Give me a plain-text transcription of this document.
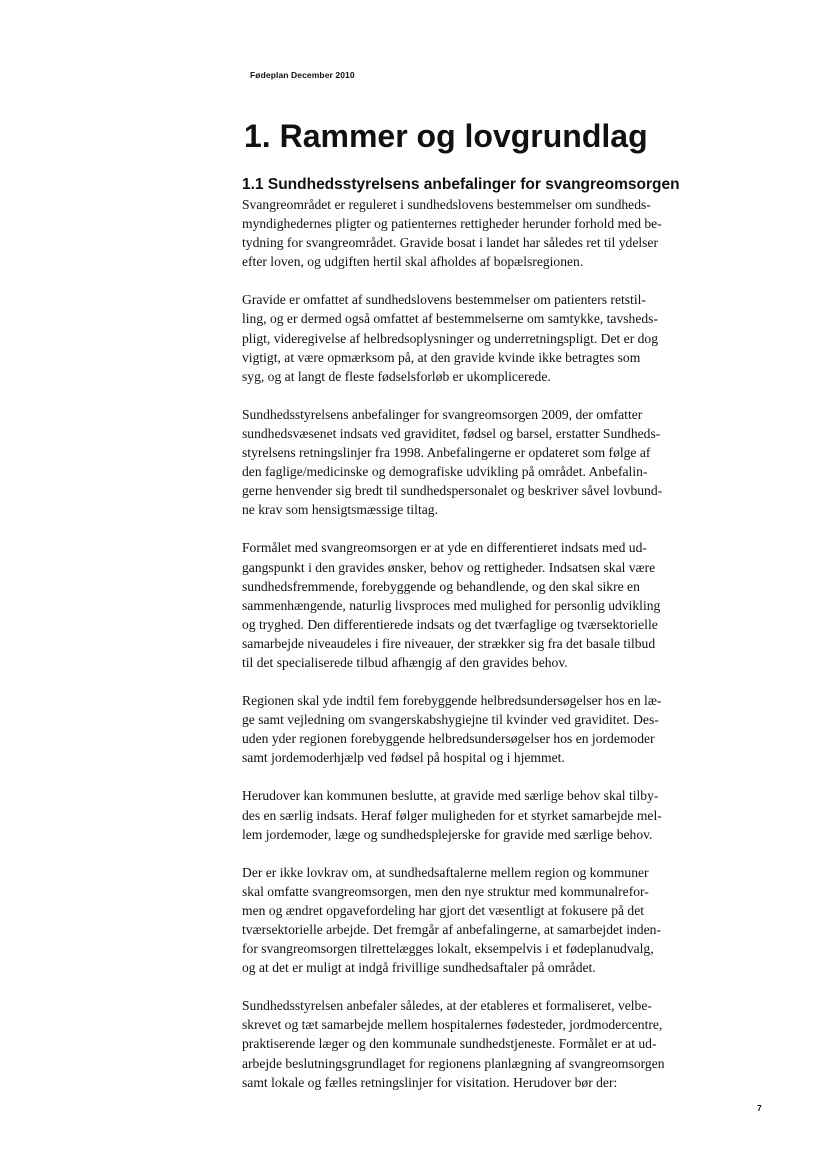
Fødeplan December 2010
1. Rammer og lovgrundlag
1.1 Sundhedsstyrelsens anbefalinger for svangreomsorgen

Svangreområdet er reguleret i sundhedslovens bestemmelser om sundheds-
myndighedernes pligter og patienternes rettigheder herunder forhold med be-
tydning for svangreområdet. Gravide bosat i landet har således ret til ydelser
efter loven, og udgiften hertil skal afholdes af bopælsregionen.

Gravide er omfattet af sundhedslovens bestemmelser om patienters retstil-
ling, og er dermed også omfattet af bestemmelserne om samtykke, tavsheds-
pligt, videregivelse af helbredsoplysninger og underretningspligt. Det er dog
vigtigt, at være opmærksom på, at den gravide kvinde ikke betragtes som
syg, og at langt de fleste fødselsforløb er ukomplicerede.

Sundhedsstyrelsens anbefalinger for svangreomsorgen 2009, der omfatter
sundhedsvæsenet indsats ved graviditet, fødsel og barsel, erstatter Sundheds-
styrelsens retningslinjer fra 1998. Anbefalingerne er opdateret som følge af
den faglige/medicinske og demografiske udvikling på området. Anbefalin-
gerne henvender sig bredt til sundhedspersonalet og beskriver såvel lovbund-
ne krav som hensigtsmæssige tiltag.

Formålet med svangreomsorgen er at yde en differentieret indsats med ud-
gangspunkt i den gravides ønsker, behov og rettigheder. Indsatsen skal være
sundhedsfremmende, forebyggende og behandlende, og den skal sikre en
sammenhængende, naturlig livsproces med mulighed for personlig udvikling
og tryghed. Den differentierede indsats og det tværfaglige og tværsektorielle
samarbejde niveaudeles i fire niveauer, der strækker sig fra det basale tilbud
til det specialiserede tilbud afhængig af den gravides behov.

Regionen skal yde indtil fem forebyggende helbredsundersøgelser hos en læ-
ge samt vejledning om svangerskabshygiejne til kvinder ved graviditet. Des-
uden yder regionen forebyggende helbredsundersøgelser hos en jordemoder
samt jordemoderhjælp ved fødsel på hospital og i hjemmet.

Herudover kan kommunen beslutte, at gravide med særlige behov skal tilby-
des en særlig indsats. Heraf følger muligheden for et styrket samarbejde mel-
lem jordemoder, læge og sundhedsplejerske for gravide med særlige behov.

Der er ikke lovkrav om, at sundhedsaftalerne mellem region og kommuner
skal omfatte svangreomsorgen, men den nye struktur med kommunalrefor-
men og ændret opgavefordeling har gjort det væsentligt at fokusere på det
tværsektorielle arbejde. Det fremgår af anbefalingerne, at samarbejdet inden-
for svangreomsorgen tilrettelægges lokalt, eksempelvis i et fødeplanudvalg,
og at det er muligt at indgå frivillige sundhedsaftaler på området.

Sundhedsstyrelsen anbefaler således, at der etableres et formaliseret, velbe-
skrevet og tæt samarbejde mellem hospitalernes fødesteder, jordmodercentre,
praktiserende læger og den kommunale sundhedstjeneste. Formålet er at ud-
arbejde beslutningsgrundlaget for regionens planlægning af svangreomsorgen
samt lokale og fælles retningslinjer for visitation. Herudover bør der:

7
